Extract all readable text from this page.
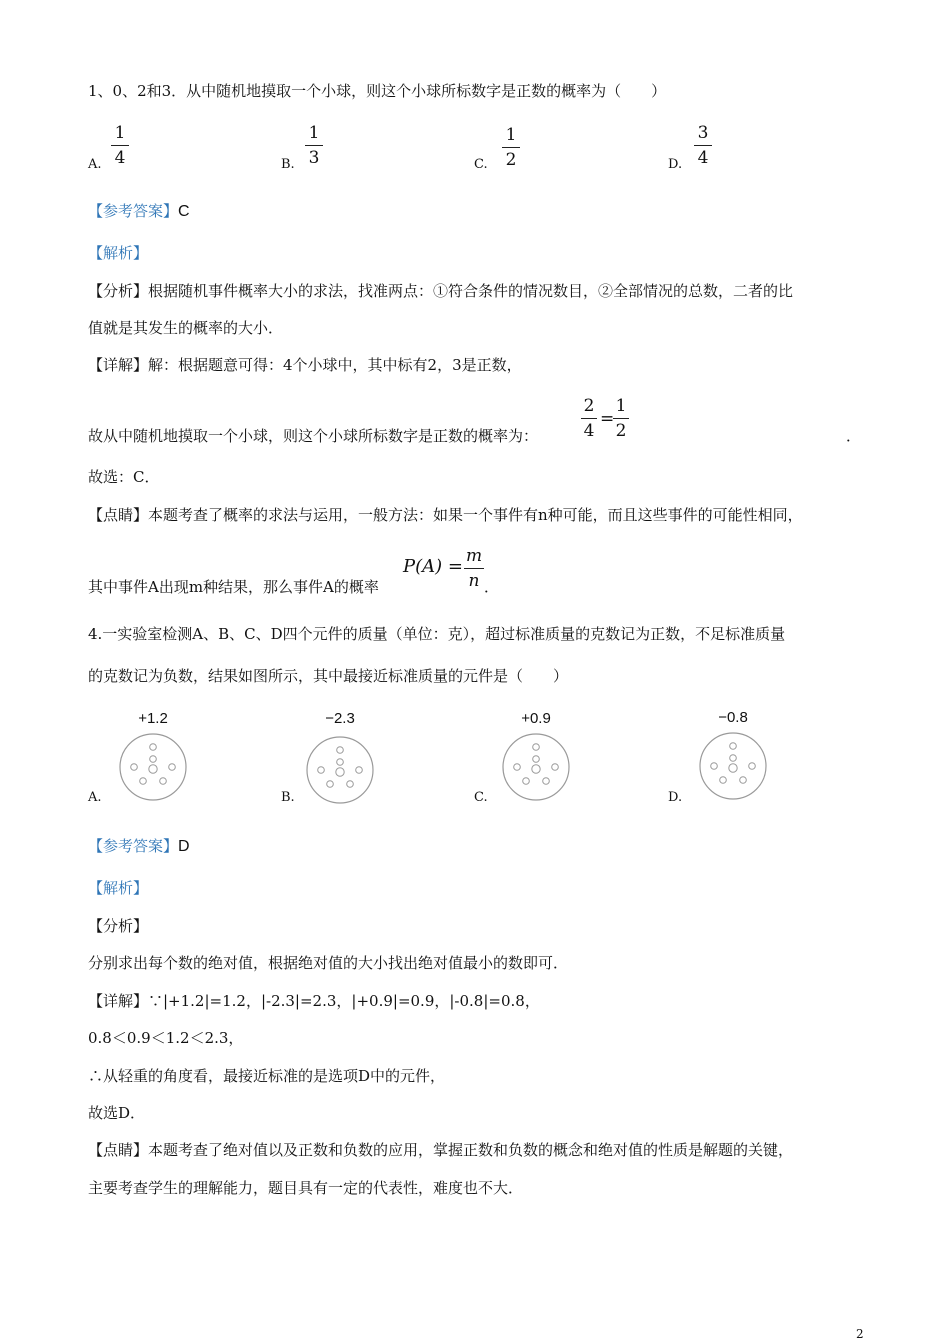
1、0、2和3．从中随机地摸取一个小球，则这个小球所标数字是正数的概率为（　　）
A.
1
4	B.
1
3	C.
1
2	D.
3
4
【参考答案】C
【解析】
【分析】根据随机事件概率大小的求法，找准两点：①符合条件的情况数目，②全部情况的总数，二者的比
值就是其发生的概率的大小．
【详解】解：根据题意可得：4个小球中，其中标有2，3是正数，
故从中随机地摸取一个小球，则这个小球所标数字是正数的概率为：
2
4
=
1
2	．
故选：C．
【点睛】本题考查了概率的求法与运用，一般方法：如果一个事件有n种可能，而且这些事件的可能性相同，
其中事件A出现m种结果，那么事件A的概率
P(A) = m
n ．
4.一实验室检测A、B、C、D四个元件的质量（单位：克），超过标准质量的克数记为正数，不足标准质量
的克数记为负数，结果如图所示，其中最接近标准质量的元件是（　　）
A.
+1.2
B.
−2.3
C.
+0.9
D.
−0.8
【参考答案】D
【解析】
【分析】
分别求出每个数的绝对值，根据绝对值的大小找出绝对值最小的数即可．
【详解】∵|+1.2|=1.2，|-2.3|=2.3，|+0.9|=0.9，|-0.8|=0.8，
0.8＜0.9＜1.2＜2.3，
∴从轻重的角度看，最接近标准的是选项D中的元件，
故选D．
【点睛】本题考查了绝对值以及正数和负数的应用，掌握正数和负数的概念和绝对值的性质是解题的关键，
主要考查学生的理解能力，题目具有一定的代表性，难度也不大．
2
